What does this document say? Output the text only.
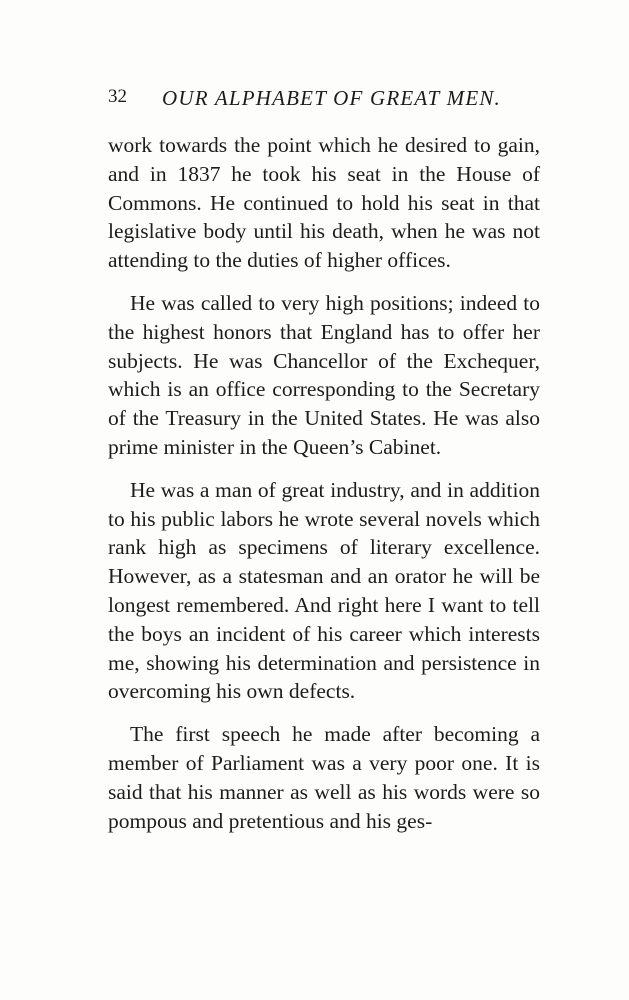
32 OUR ALPHABET OF GREAT MEN.

work towards the point which he desired to gain, and in 1837 he took his seat in the House of Commons. He continued to hold his seat in that legislative body until his death, when he was not attending to the duties of higher offices.

He was called to very high positions; indeed to the highest honors that England has to offer her subjects. He was Chancellor of the Exchequer, which is an office corresponding to the Secretary of the Treasury in the United States. He was also prime minister in the Queen’s Cabinet.

He was a man of great industry, and in addition to his public labors he wrote several novels which rank high as specimens of literary excellence. However, as a statesman and an orator he will be longest remembered. And right here I want to tell the boys an incident of his career which interests me, showing his determination and persistence in overcoming his own defects.

The first speech he made after becoming a member of Parliament was a very poor one. It is said that his manner as well as his words were so pompous and pretentious and his ges-
